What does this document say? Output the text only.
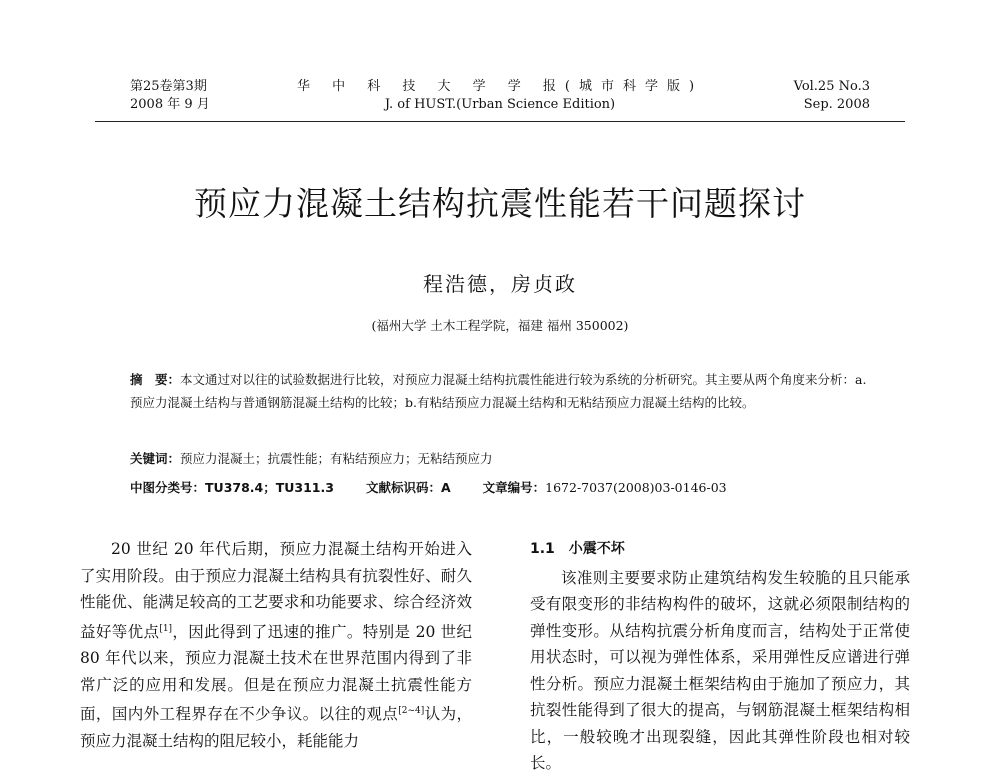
第25卷第3期
2008 年 9 月
华 中 科 技 大 学 学 报(城市科学版)
J. of HUST.(Urban Science Edition)
Vol.25 No.3
Sep. 2008
预应力混凝土结构抗震性能若干问题探讨
程浩德，房贞政
(福州大学 土木工程学院，福建 福州 350002)
摘　要：本文通过对以往的试验数据进行比较，对预应力混凝土结构抗震性能进行较为系统的分析研究。其主要从两个角度来分析：a.预应力混凝土结构与普通钢筋混凝土结构的比较；b.有粘结预应力混凝土结构和无粘结预应力混凝土结构的比较。
关键词：预应力混凝土；抗震性能；有粘结预应力；无粘结预应力
中图分类号：TU378.4；TU311.3	文献标识码：A	文章编号：1672-7037(2008)03-0146-03

20 世纪 20 年代后期，预应力混凝土结构开始进入了实用阶段。由于预应力混凝土结构具有抗裂性好、耐久性能优、能满足较高的工艺要求和功能要求、综合经济效益好等优点[1]，因此得到了迅速的推广。特别是 20 世纪 80 年代以来，预应力混凝土技术在世界范围内得到了非常广泛的应用和发展。但是在预应力混凝土抗震性能方面，国内外工程界存在不少争议。以往的观点[2~4]认为，预应力混凝土结构的阻尼较小，耗能能力

1.1　小震不坏

该准则主要要求防止建筑结构发生较脆的且只能承受有限变形的非结构构件的破坏，这就必须限制结构的弹性变形。从结构抗震分析角度而言，结构处于正常使用状态时，可以视为弹性体系，采用弹性反应谱进行弹性分析。预应力混凝土框架结构由于施加了预应力，其抗裂性能得到了很大的提高，与钢筋混凝土框架结构相比，一般较晚才出现裂缝，因此其弹性阶段也相对较长。
